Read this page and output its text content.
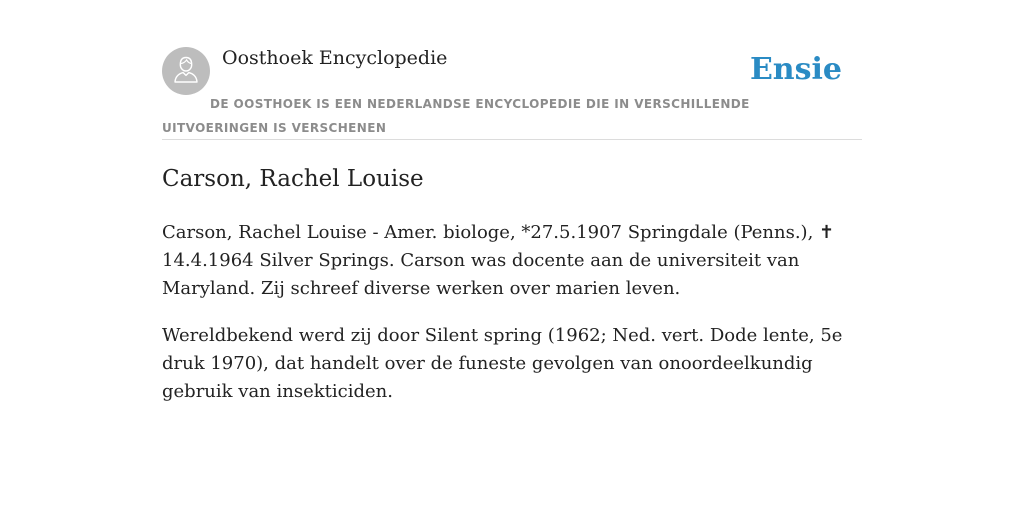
Oosthoek Encyclopedie	Ensie
DE OOSTHOEK IS EEN NEDERLANDSE ENCYCLOPEDIE DIE IN VERSCHILLENDE UITVOERINGEN IS VERSCHENEN
Carson, Rachel Louise

Carson, Rachel Louise - Amer. biologe, *27.5.1907 Springdale (Penns.), ✝ 14.4.1964 Silver Springs. Carson was docente aan de universiteit van Maryland. Zij schreef diverse werken over marien leven.

Wereldbekend werd zij door Silent spring (1962; Ned. vert. Dode lente, 5e druk 1970), dat handelt over de funeste gevolgen van onoordeelkundig gebruik van insekticiden.
